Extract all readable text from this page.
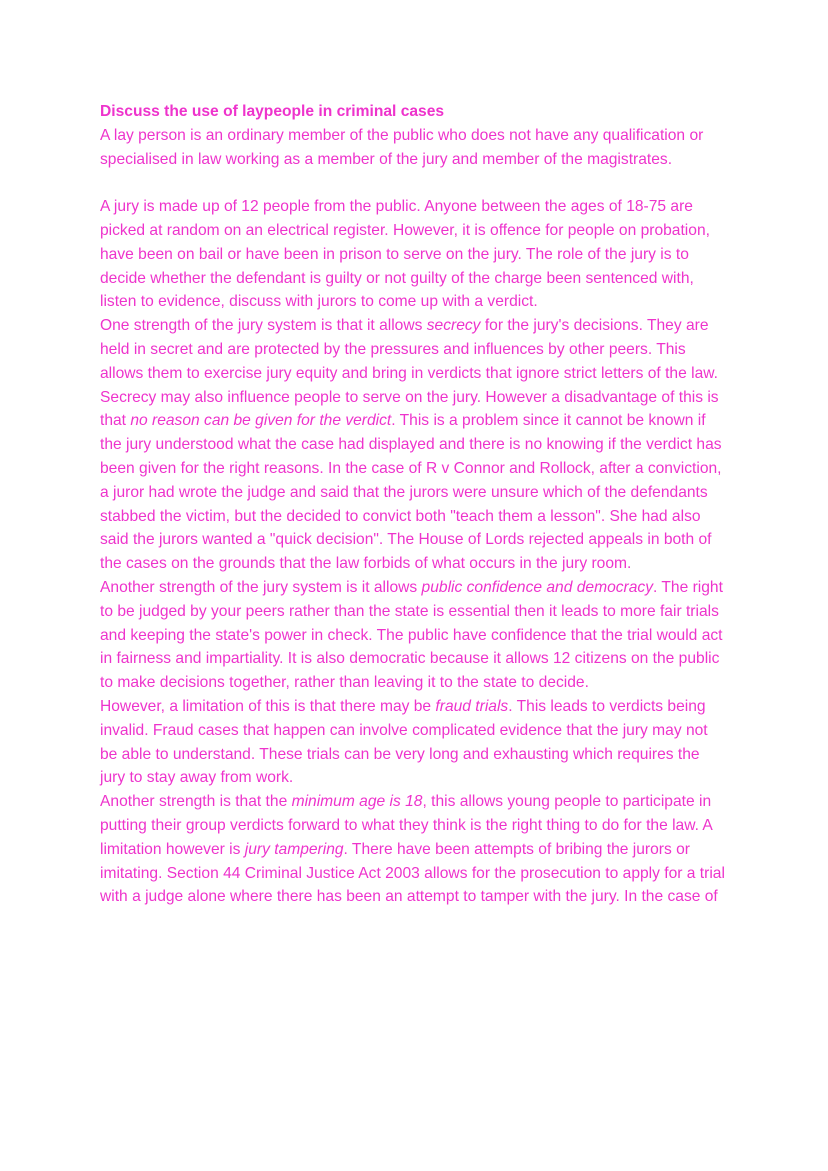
Discuss the use of laypeople in criminal cases

A lay person is an ordinary member of the public who does not have any qualification or specialised in law working as a member of the jury and member of the magistrates.

A jury is made up of 12 people from the public. Anyone between the ages of 18-75 are picked at random on an electrical register. However, it is offence for people on probation, have been on bail or have been in prison to serve on the jury. The role of the jury is to decide whether the defendant is guilty or not guilty of the charge been sentenced with, listen to evidence, discuss with jurors to come up with a verdict.

One strength of the jury system is that it allows secrecy for the jury's decisions. They are held in secret and are protected by the pressures and influences by other peers. This allows them to exercise jury equity and bring in verdicts that ignore strict letters of the law. Secrecy may also influence people to serve on the jury. However a disadvantage of this is that no reason can be given for the verdict. This is a problem since it cannot be known if the jury understood what the case had displayed and there is no knowing if the verdict has been given for the right reasons. In the case of R v Connor and Rollock, after a conviction, a juror had wrote the judge and said that the jurors were unsure which of the defendants stabbed the victim, but the decided to convict both "teach them a lesson". She had also said the jurors wanted a "quick decision". The House of Lords rejected appeals in both of the cases on the grounds that the law forbids of what occurs in the jury room.

Another strength of the jury system is it allows public confidence and democracy. The right to be judged by your peers rather than the state is essential then it leads to more fair trials and keeping the state's power in check. The public have confidence that the trial would act in fairness and impartiality. It is also democratic because it allows 12 citizens on the public to make decisions together, rather than leaving it to the state to decide.

However, a limitation of this is that there may be fraud trials. This leads to verdicts being invalid. Fraud cases that happen can involve complicated evidence that the jury may not be able to understand. These trials can be very long and exhausting which requires the jury to stay away from work.

Another strength is that the minimum age is 18, this allows young people to participate in putting their group verdicts forward to what they think is the right thing to do for the law. A limitation however is jury tampering. There have been attempts of bribing the jurors or imitating. Section 44 Criminal Justice Act 2003 allows for the prosecution to apply for a trial with a judge alone where there has been an attempt to tamper with the jury. In the case of
